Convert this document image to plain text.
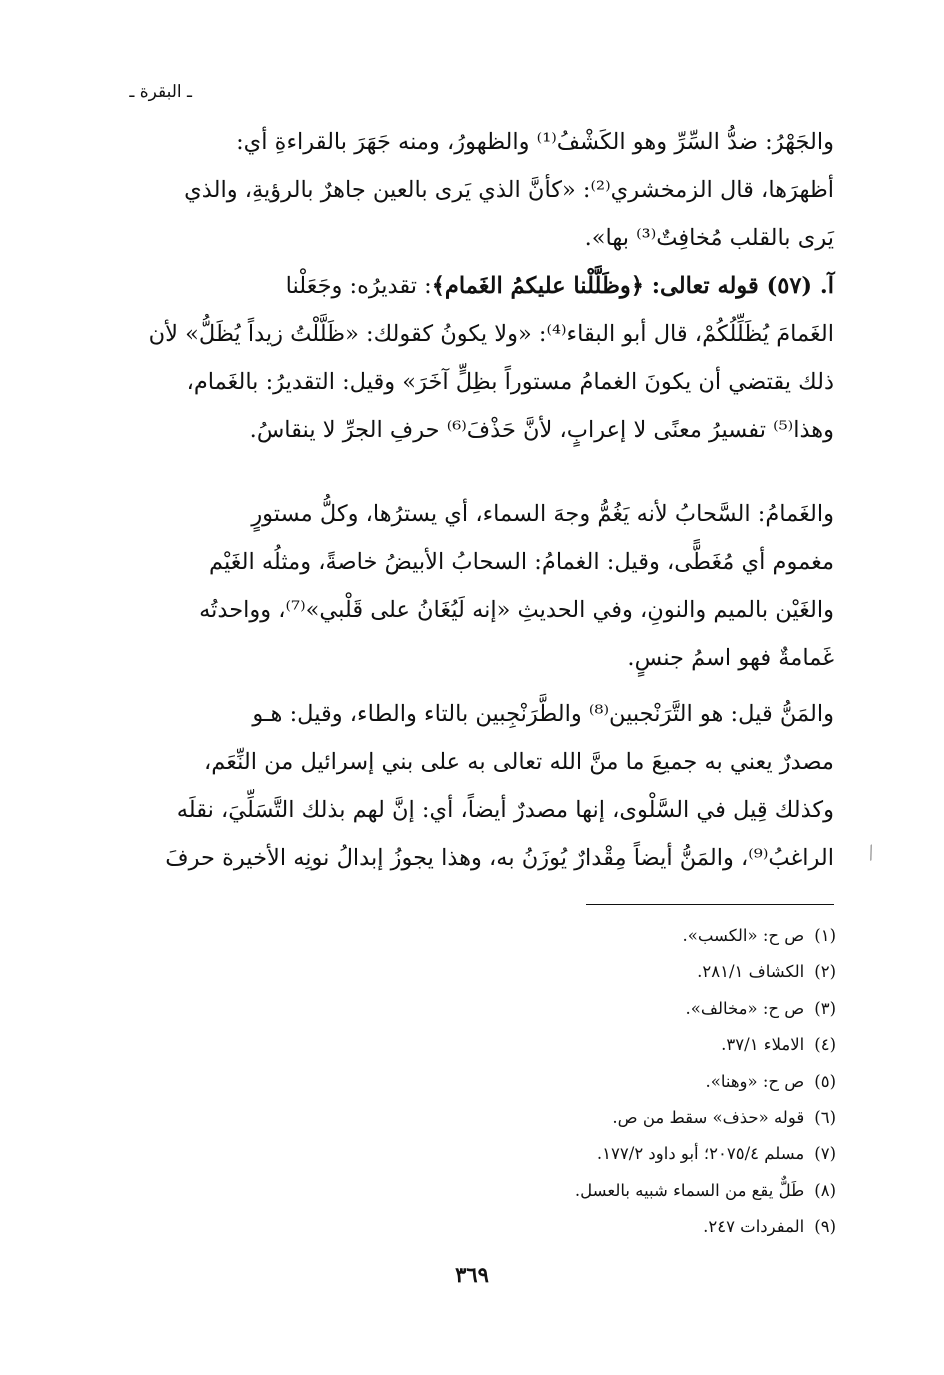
ـ البقرة ـ

والجَهْرُ: ضدُّ السِّرِّ وهو الكَشْفُ⁽¹⁾ والظهورُ، ومنه جَهَرَ بالقراءةِ أي:

أظهرَها، قال الزمخشري⁽²⁾: «كأنَّ الذي يَرى بالعين جاهرٌ بالرؤيةِ، والذي

يَرى بالقلب مُخافِتٌ⁽³⁾ بها».

آ. (٥٧) قوله تعالى: ﴿وظَلَّلْنا عليكمُ الغَمام﴾: تقديرُه: وجَعَلْنا

الغَمامَ يُظَلِّلُكُمْ، قال أبو البقاء⁽⁴⁾: «ولا يكونُ كقولك: «ظَلَّلْتُ زيداً يُظَلُّ» لأن

ذلك يقتضي أن يكونَ الغمامُ مستوراً بظِلٍّ آخَرَ» وقيل: التقديرُ: بالغَمام،

وهذا⁽⁵⁾ تفسيرُ معنًى لا إعرابٍ، لأنَّ حَذْفَ⁽⁶⁾ حرفِ الجرِّ لا ينقاسُ.

والغَمامُ: السَّحابُ لأنه يَغُمُّ وجهَ السماء، أي يسترُها، وكلُّ مستورٍ

مغموم أي مُغَطًّى، وقيل: الغمامُ: السحابُ الأبيضُ خاصةً، ومثلُه الغَيْم

والغَيْن بالميم والنونِ، وفي الحديثِ «إنه لَيُغَانُ على قَلْبي»⁽⁷⁾، وواحدتُه

غَمامةٌ فهو اسمُ جنسٍ.

والمَنُّ قيل: هو التَّرَنْجبين⁽⁸⁾ والطَّرَنْجِبين بالتاء والطاء، وقيل: هـو

مصدرٌ يعني به جميعَ ما منَّ الله تعالى به على بني إسرائيل من النِّعَم،

وكذلك قِيل في السَّلْوى، إنها مصدرٌ أيضاً، أي: إنَّ لهم بذلك التَّسَلِّيَ، نقلَه

الراغبُ⁽⁹⁾، والمَنُّ أيضاً مِقْدارٌ يُوزَنُ به، وهذا يجوزُ إبدالُ نونِه الأخيرة حرفَ

(١)ص ح: «الكسب».
(٢)الكشاف ٢٨١/١.
(٣)ص ح: «مخالف».
(٤)الاملاء ٣٧/١.
(٥)ص ح: «وهنا».
(٦)قوله «حذف» سقط من ص.
(٧)مسلم ٢٠٧٥/٤؛ أبو داود ١٧٧/٢.
(٨)طَلٌّ يقع من السماء شبيه بالعسل.
(٩)المفردات ٢٤٧.
٣٦٩
⁄
